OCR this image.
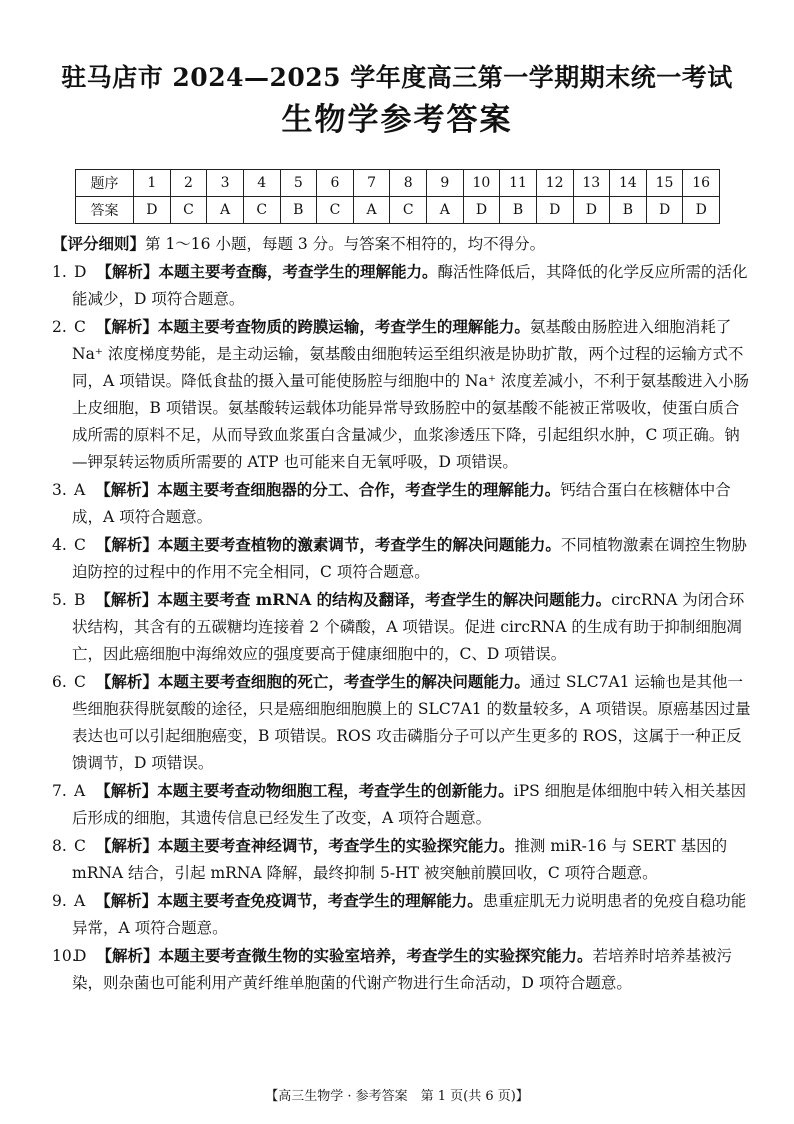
驻马店市 2024—2025 学年度高三第一学期期末统一考试
生物学参考答案
题序	1	2	3	4	5	6	7	8	9	10	11	12	13	14	15	16
答案	D	C	A	C	B	C	A	C	A	D	B	D	D	B	D	D

【评分细则】第 1～16 小题，每题 3 分。与答案不相符的，均不得分。

1. D 【解析】本题主要考查酶，考查学生的理解能力。酶活性降低后，其降低的化学反应所需的活化能减少，D 项符合题意。

2. C 【解析】本题主要考查物质的跨膜运输，考查学生的理解能力。氨基酸由肠腔进入细胞消耗了 Na⁺ 浓度梯度势能，是主动运输，氨基酸由细胞转运至组织液是协助扩散，两个过程的运输方式不同，A 项错误。降低食盐的摄入量可能使肠腔与细胞中的 Na⁺ 浓度差减小，不利于氨基酸进入小肠上皮细胞，B 项错误。氨基酸转运载体功能异常导致肠腔中的氨基酸不能被正常吸收，使蛋白质合成所需的原料不足，从而导致血浆蛋白含量减少，血浆渗透压下降，引起组织水肿，C 项正确。钠—钾泵转运物质所需要的 ATP 也可能来自无氧呼吸，D 项错误。

3. A 【解析】本题主要考查细胞器的分工、合作，考查学生的理解能力。钙结合蛋白在核糖体中合成，A 项符合题意。

4. C 【解析】本题主要考查植物的激素调节，考查学生的解决问题能力。不同植物激素在调控生物胁迫防控的过程中的作用不完全相同，C 项符合题意。

5. B 【解析】本题主要考查 mRNA 的结构及翻译，考查学生的解决问题能力。circRNA 为闭合环状结构，其含有的五碳糖均连接着 2 个磷酸，A 项错误。促进 circRNA 的生成有助于抑制细胞凋亡，因此癌细胞中海绵效应的强度要高于健康细胞中的，C、D 项错误。

6. C 【解析】本题主要考查细胞的死亡，考查学生的解决问题能力。通过 SLC7A1 运输也是其他一些细胞获得胱氨酸的途径，只是癌细胞细胞膜上的 SLC7A1 的数量较多，A 项错误。原癌基因过量表达也可以引起细胞癌变，B 项错误。ROS 攻击磷脂分子可以产生更多的 ROS，这属于一种正反馈调节，D 项错误。

7. A 【解析】本题主要考查动物细胞工程，考查学生的创新能力。iPS 细胞是体细胞中转入相关基因后形成的细胞，其遗传信息已经发生了改变，A 项符合题意。

8. C 【解析】本题主要考查神经调节，考查学生的实验探究能力。推测 miR-16 与 SERT 基因的 mRNA 结合，引起 mRNA 降解，最终抑制 5-HT 被突触前膜回收，C 项符合题意。

9. A 【解析】本题主要考查免疫调节，考查学生的理解能力。患重症肌无力说明患者的免疫自稳功能异常，A 项符合题意。

10.D 【解析】本题主要考查微生物的实验室培养，考查学生的实验探究能力。若培养时培养基被污染，则杂菌也可能利用产黄纤维单胞菌的代谢产物进行生命活动，D 项符合题意。

【高三生物学 · 参考答案　第 1 页(共 6 页)】
